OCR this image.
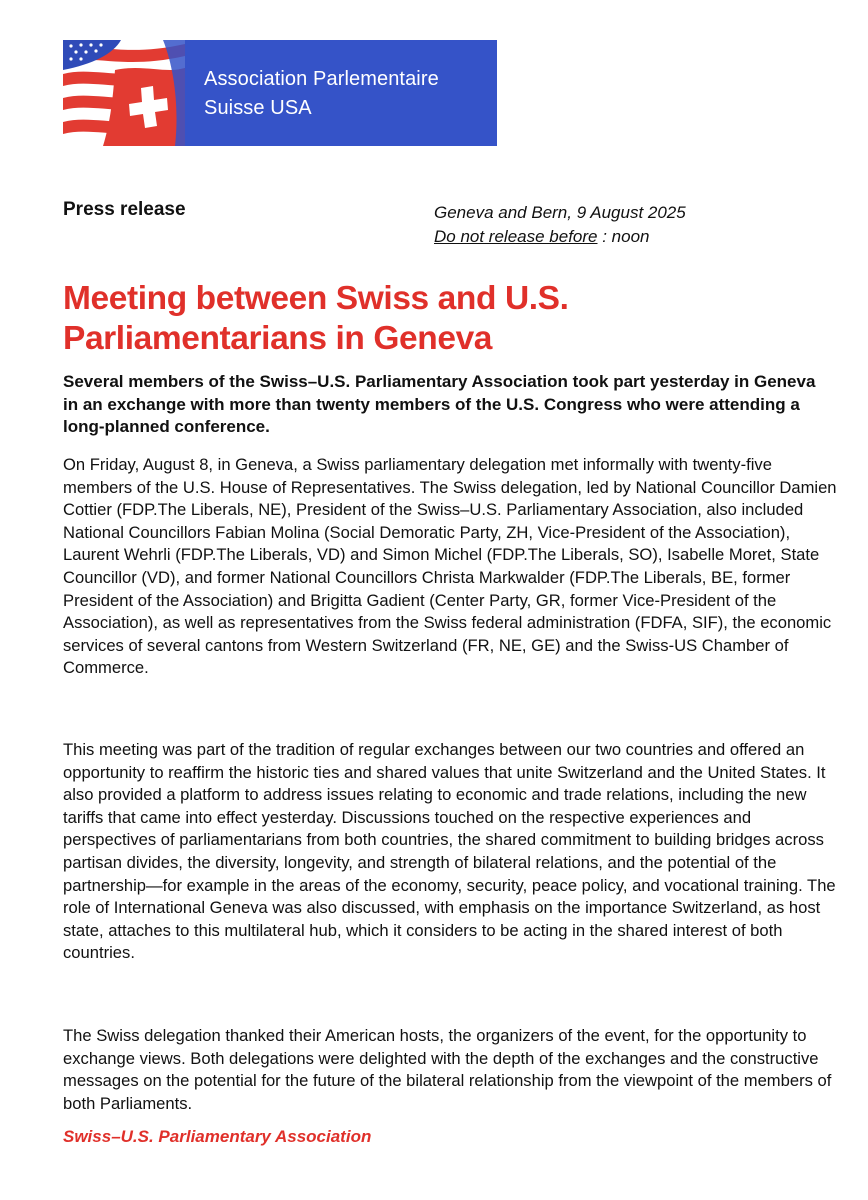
Association Parlementaire
Suisse USA
Press release	Geneva and Bern, 9 August 2025
Do not release before : noon
Meeting between Swiss and U.S. Parliamentarians in Geneva

Several members of the Swiss–U.S. Parliamentary Association took part yesterday in Geneva in an exchange with more than twenty members of the U.S. Congress who were attending a long-planned conference.

On Friday, August 8, in Geneva, a Swiss parliamentary delegation met informally with twenty-five members of the U.S. House of Representatives. The Swiss delegation, led by National Councillor Damien Cottier (FDP.The Liberals, NE), President of the Swiss–U.S. Parliamentary Association, also included National Councillors Fabian Molina (Social Demoratic Party, ZH, Vice-President of the Association), Laurent Wehrli (FDP.The Liberals, VD) and Simon Michel (FDP.The Liberals, SO), Isabelle Moret, State Councillor (VD), and former National Councillors Christa Markwalder (FDP.The Liberals, BE, former President of the Association) and Brigitta Gadient (Center Party, GR, former Vice-President of the Association), as well as representatives from the Swiss federal administration (FDFA, SIF), the economic services of several cantons from Western Switzerland (FR, NE, GE) and the Swiss-US Chamber of Commerce.

This meeting was part of the tradition of regular exchanges between our two countries and offered an opportunity to reaffirm the historic ties and shared values that unite Switzerland and the United States. It also provided a platform to address issues relating to economic and trade relations, including the new tariffs that came into effect yesterday. Discussions touched on the respective experiences and perspectives of parliamentarians from both countries, the shared commitment to building bridges across partisan divides, the diversity, longevity, and strength of bilateral relations, and the potential of the partnership—for example in the areas of the economy, security, peace policy, and vocational training. The role of International Geneva was also discussed, with emphasis on the importance Switzerland, as host state, attaches to this multilateral hub, which it considers to be acting in the shared interest of both countries.

The Swiss delegation thanked their American hosts, the organizers of the event, for the opportunity to exchange views. Both delegations were delighted with the depth of the exchanges and the constructive messages on the potential for the future of the bilateral relationship from the viewpoint of the members of both Parliaments.

Swiss–U.S. Parliamentary Association
